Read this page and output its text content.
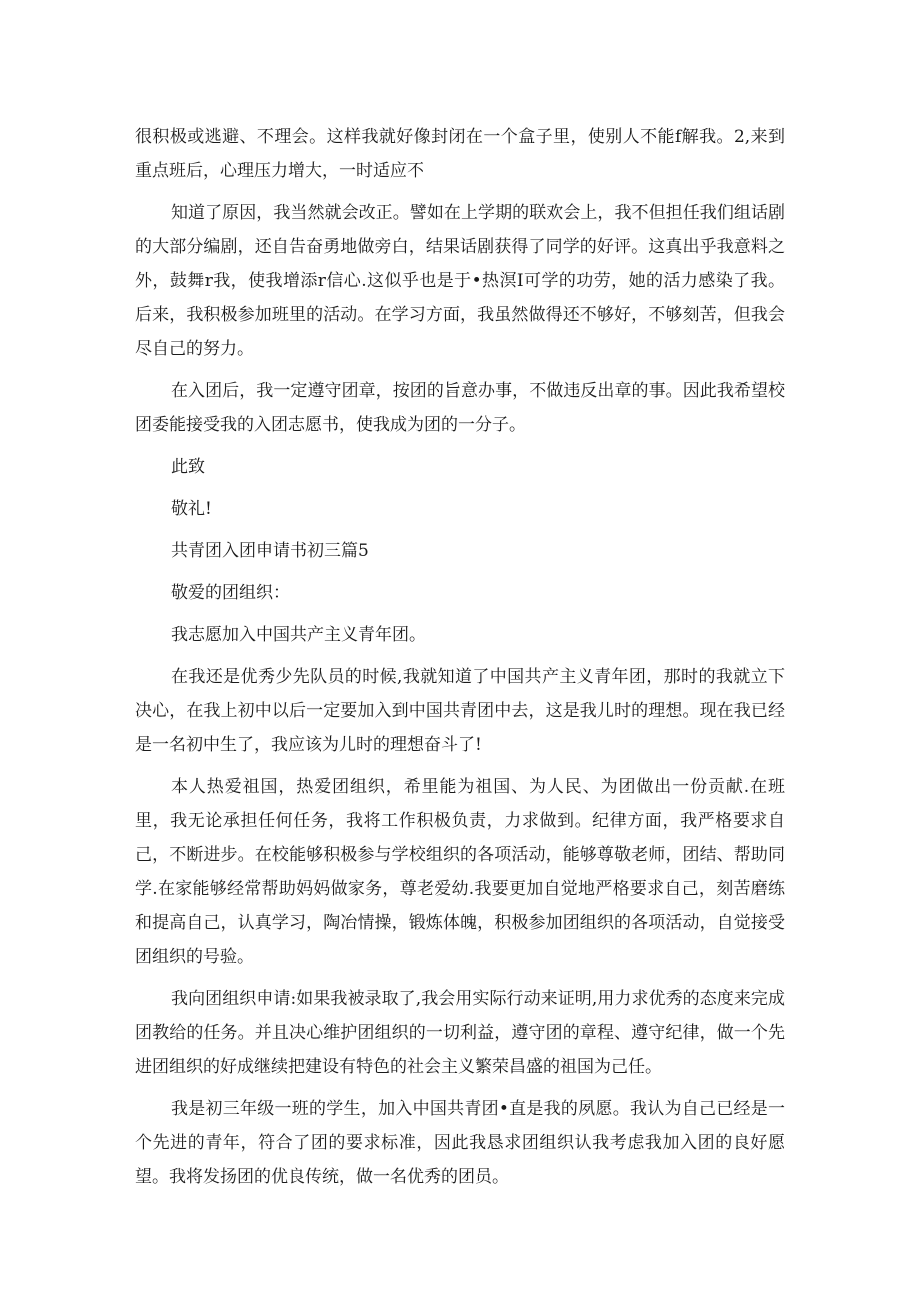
很积极或逃避、不理会。这样我就好像封闭在一个盒子里，使别人不能f解我。2,来到重点班后，心理压力增大，一时适应不

知道了原因，我当然就会改正。譬如在上学期的联欢会上，我不但担任我们组话剧的大部分编剧，还自告奋勇地做旁白，结果话剧获得了同学的好评。这真出乎我意料之外，鼓舞r我，使我增添r信心.这似乎也是于•热溟I可学的功劳，她的活力感染了我。后来，我积极参加班里的活动。在学习方面，我虽然做得还不够好，不够刻苦，但我会尽自己的努力。

在入团后，我一定遵守团章，按团的旨意办事，不做违反出章的事。因此我希望校团委能接受我的入团志愿书，使我成为团的一分子。

此致

敬礼!

共青团入团申请书初三篇5

敬爱的团组织：

我志愿加入中国共产主义青年团。

在我还是优秀少先队员的时候,我就知道了中国共产主义青年团，那时的我就立下决心，在我上初中以后一定要加入到中国共青团中去，这是我儿时的理想。现在我已经是一名初中生了，我应该为儿时的理想奋斗了!

本人热爱祖国，热爱团组织，希里能为祖国、为人民、为团做出一份贡献.在班里，我无论承担任何任务，我将工作积极负责，力求做到。纪律方面，我严格要求自己，不断进步。在校能够积极参与学校组织的各项活动，能够尊敬老师，团结、帮助同学.在家能够经常帮助妈妈做家务，尊老爱幼.我要更加自觉地严格要求自己，刻苦磨练和提高自己，认真学习，陶冶情操，锻炼体魄，积极参加团组织的各项活动，自觉接受团组织的号验。

我向团组织申请:如果我被录取了,我会用实际行动来证明,用力求优秀的态度来完成团教给的任务。并且决心维护团组织的一切利益，遵守团的章程、遵守纪律，做一个先进团组织的好成继续把建设有特色的社会主义繁荣昌盛的祖国为己任。

我是初三年级一班的学生，加入中国共青团•直是我的夙愿。我认为自己已经是一个先进的青年，符合了团的要求标准，因此我恳求团组织认我考虑我加入团的良好愿望。我将发扬团的优良传统，做一名优秀的团员。
